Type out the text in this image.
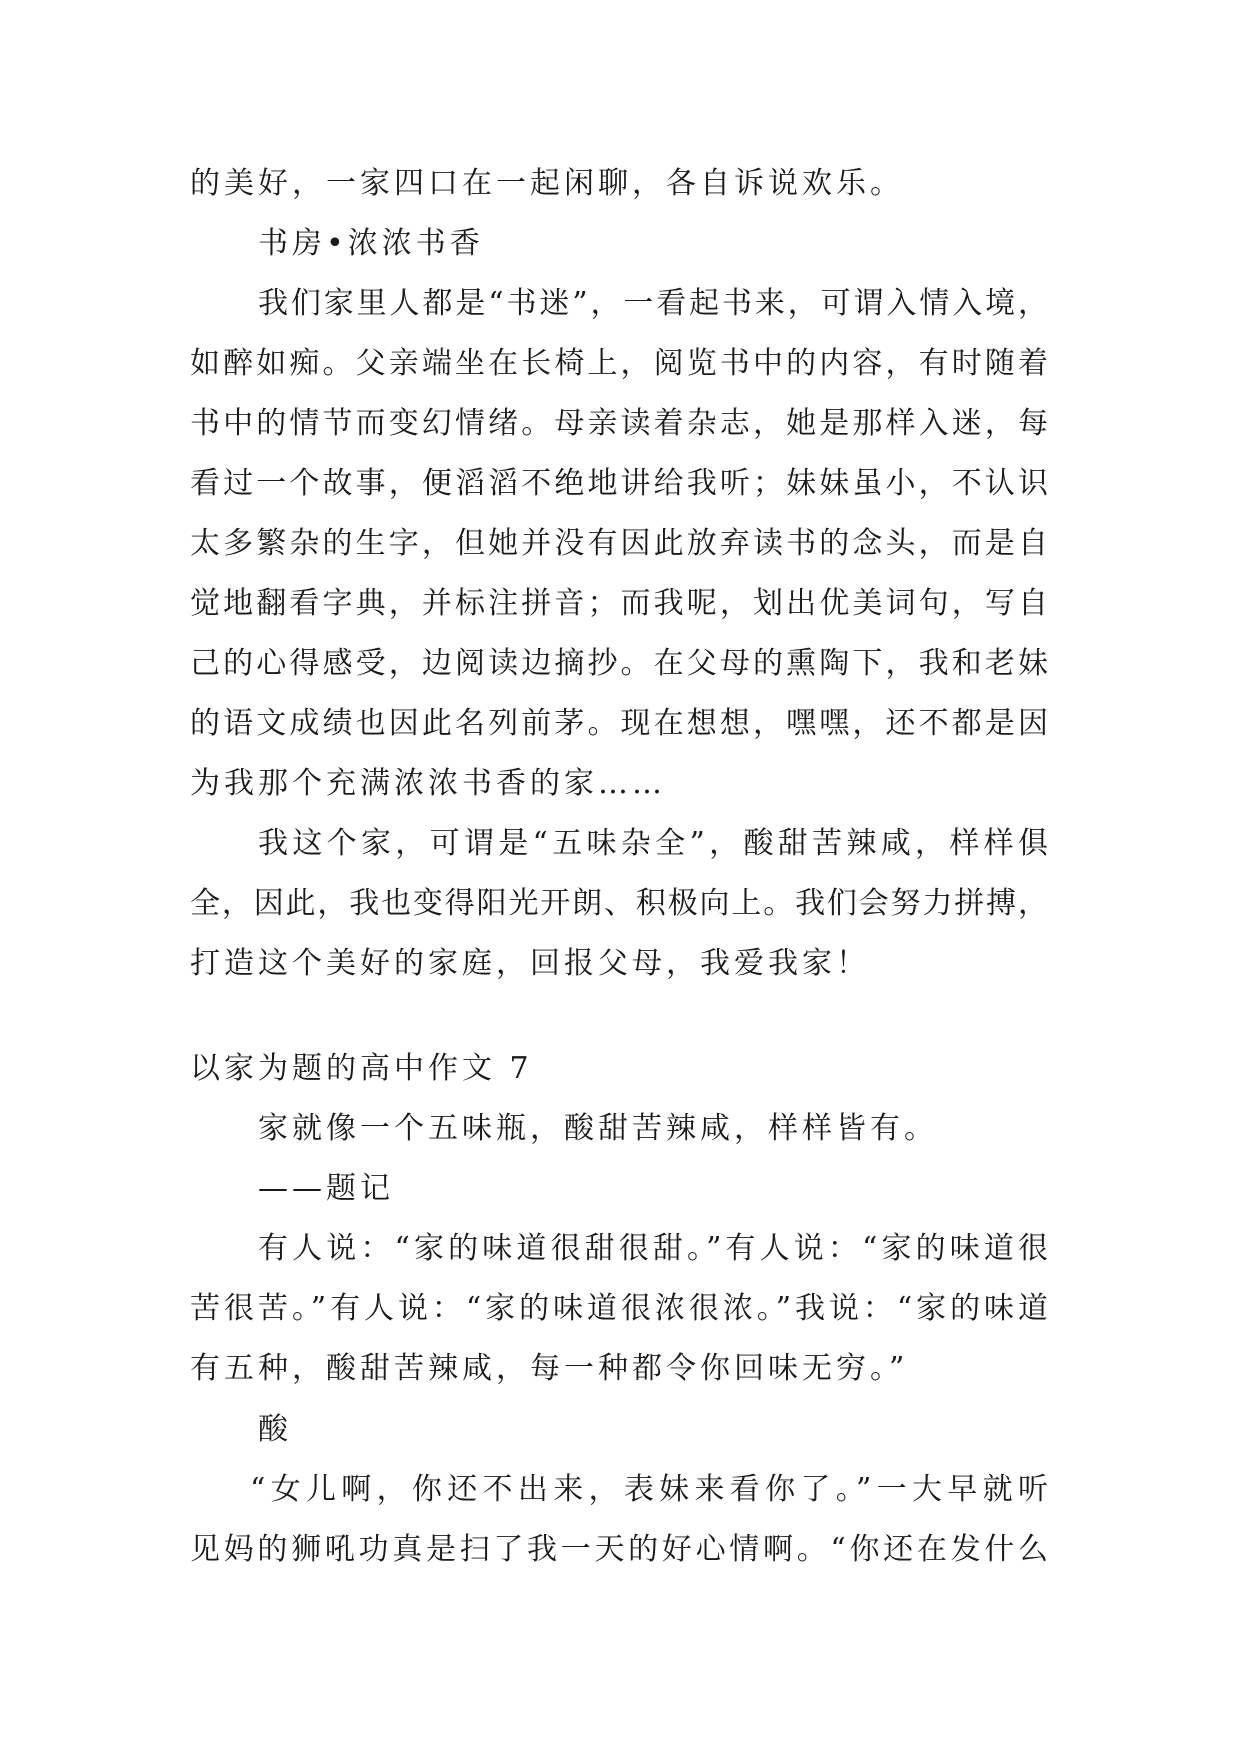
的美好，一家四口在一起闲聊，各自诉说欢乐。
书房•浓浓书香
我们家里人都是“书迷”，一看起书来，可谓入情入境，
如醉如痴。父亲端坐在长椅上，阅览书中的内容，有时随着
书中的情节而变幻情绪。母亲读着杂志，她是那样入迷，每
看过一个故事，便滔滔不绝地讲给我听；妹妹虽小，不认识
太多繁杂的生字，但她并没有因此放弃读书的念头，而是自
觉地翻看字典，并标注拼音；而我呢，划出优美词句，写自
己的心得感受，边阅读边摘抄。在父母的熏陶下，我和老妹
的语文成绩也因此名列前茅。现在想想，嘿嘿，还不都是因
为我那个充满浓浓书香的家……
我这个家，可谓是“五味杂全”，酸甜苦辣咸，样样俱
全，因此，我也变得阳光开朗、积极向上。我们会努力拼搏，
打造这个美好的家庭，回报父母，我爱我家！
以家为题的高中作文 7
家就像一个五味瓶，酸甜苦辣咸，样样皆有。
——题记
有人说：“家的味道很甜很甜。”有人说：“家的味道很
苦很苦。”有人说：“家的味道很浓很浓。”我说：“家的味道
有五种，酸甜苦辣咸，每一种都令你回味无穷。”
酸
“女儿啊，你还不出来，表妹来看你了。”一大早就听
见妈的狮吼功真是扫了我一天的好心情啊。“你还在发什么
